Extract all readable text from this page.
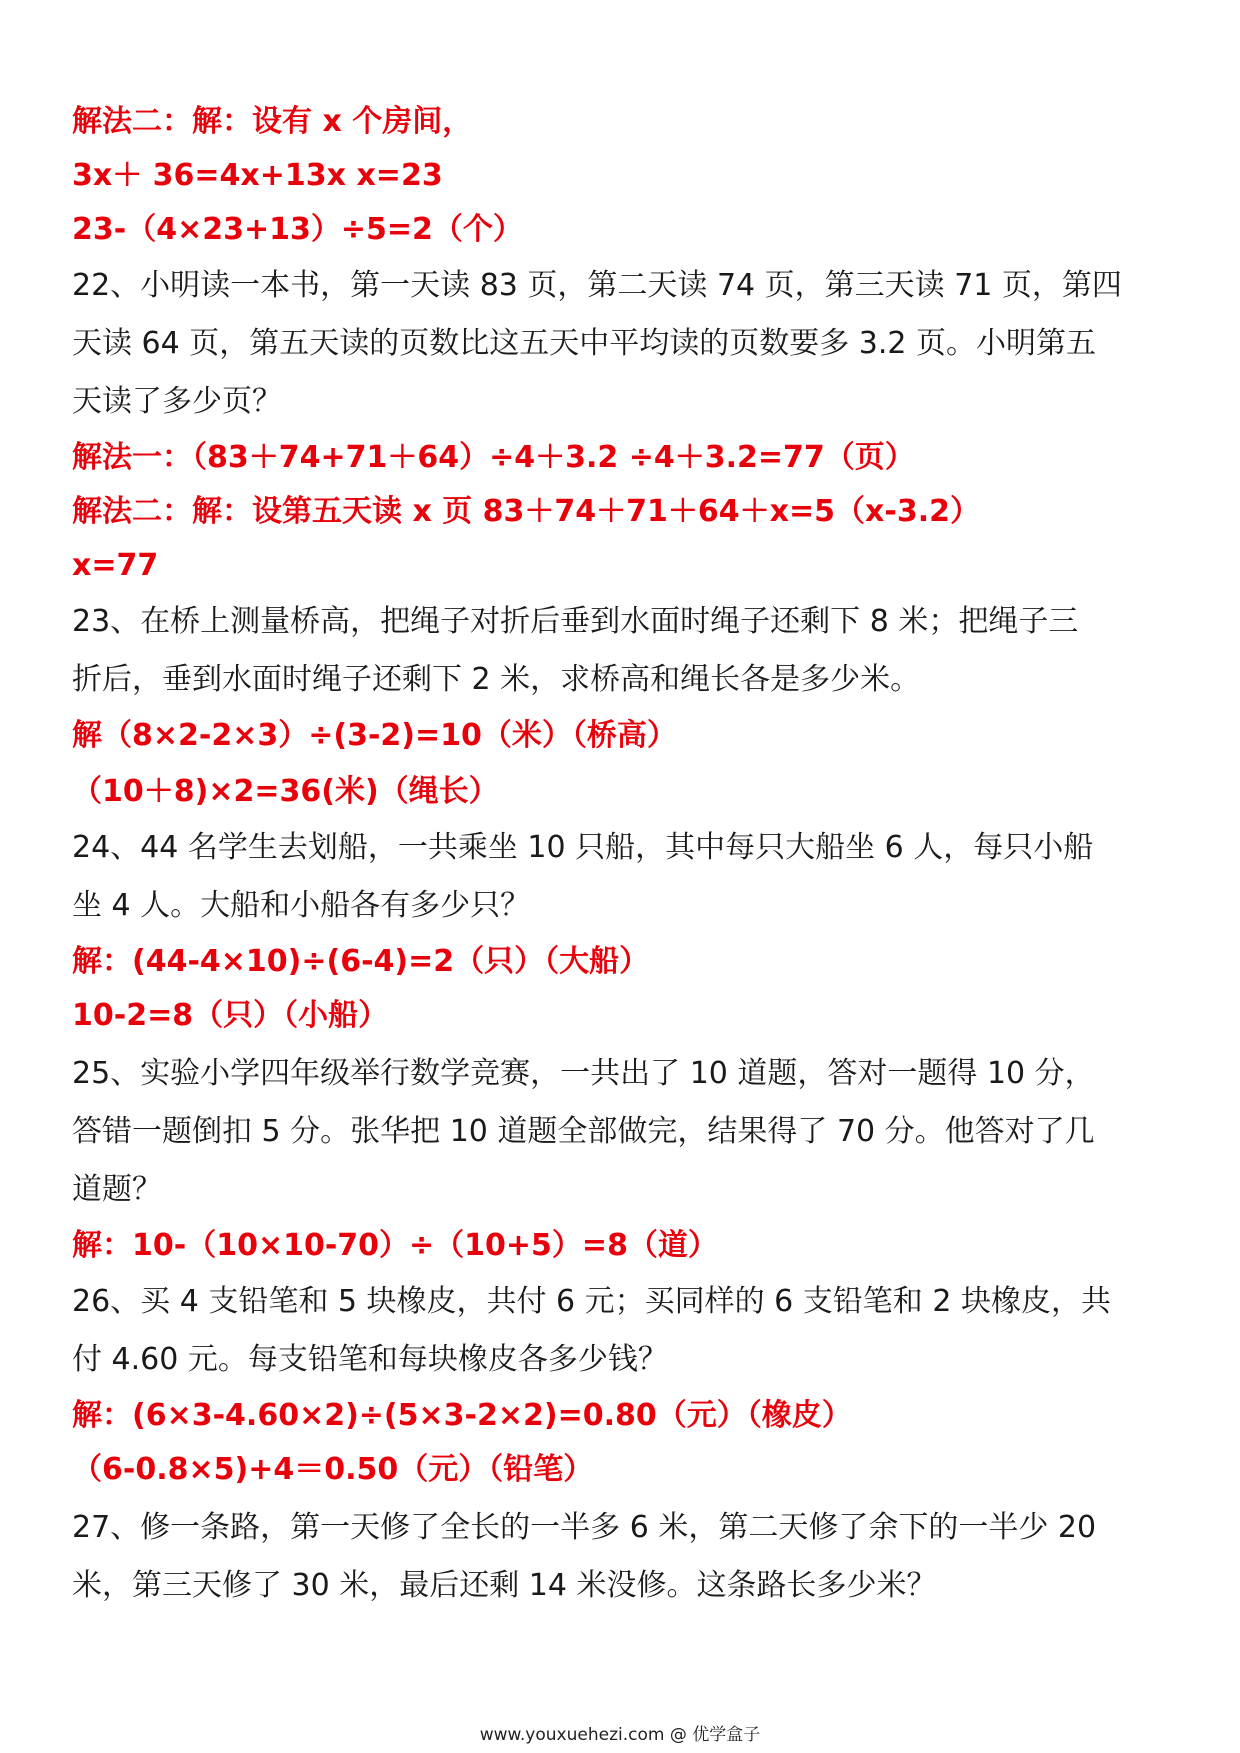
解法二：解：设有 x 个房间，
3x＋ 36=4x+13x x=23
23-（4×23+13）÷5=2（个）
22、小明读一本书，第一天读 83 页，第二天读 74 页，第三天读 71 页，第四
天读 64 页，第五天读的页数比这五天中平均读的页数要多 3.2 页。小明第五
天读了多少页？
解法一：（83＋74+71＋64）÷4＋3.2 ÷4＋3.2=77（页）
解法二：解：设第五天读 x 页 83＋74＋71＋64＋x=5（x-3.2）
x=77
23、在桥上测量桥高，把绳子对折后垂到水面时绳子还剩下 8 米；把绳子三
折后，垂到水面时绳子还剩下 2 米，求桥高和绳长各是多少米。
解（8×2-2×3）÷(3-2)=10（米）（桥高）
（10＋8)×2=36(米)（绳长）
24、44 名学生去划船，一共乘坐 10 只船，其中每只大船坐 6 人，每只小船
坐 4 人。大船和小船各有多少只？
解：(44-4×10)÷(6-4)=2（只）（大船）
10-2=8（只）（小船）
25、实验小学四年级举行数学竞赛，一共出了 10 道题，答对一题得 10 分，
答错一题倒扣 5 分。张华把 10 道题全部做完，结果得了 70 分。他答对了几
道题？
解：10-（10×10-70）÷（10+5）=8（道）
26、买 4 支铅笔和 5 块橡皮，共付 6 元；买同样的 6 支铅笔和 2 块橡皮，共
付 4.60 元。每支铅笔和每块橡皮各多少钱？
解：(6×3-4.60×2)÷(5×3-2×2)=0.80（元）（橡皮）
（6-0.8×5)+4＝0.50（元）（铅笔）
27、修一条路，第一天修了全长的一半多 6 米，第二天修了余下的一半少 20
米，第三天修了 30 米，最后还剩 14 米没修。这条路长多少米？
www.youxuehezi.com @ 优学盒子
